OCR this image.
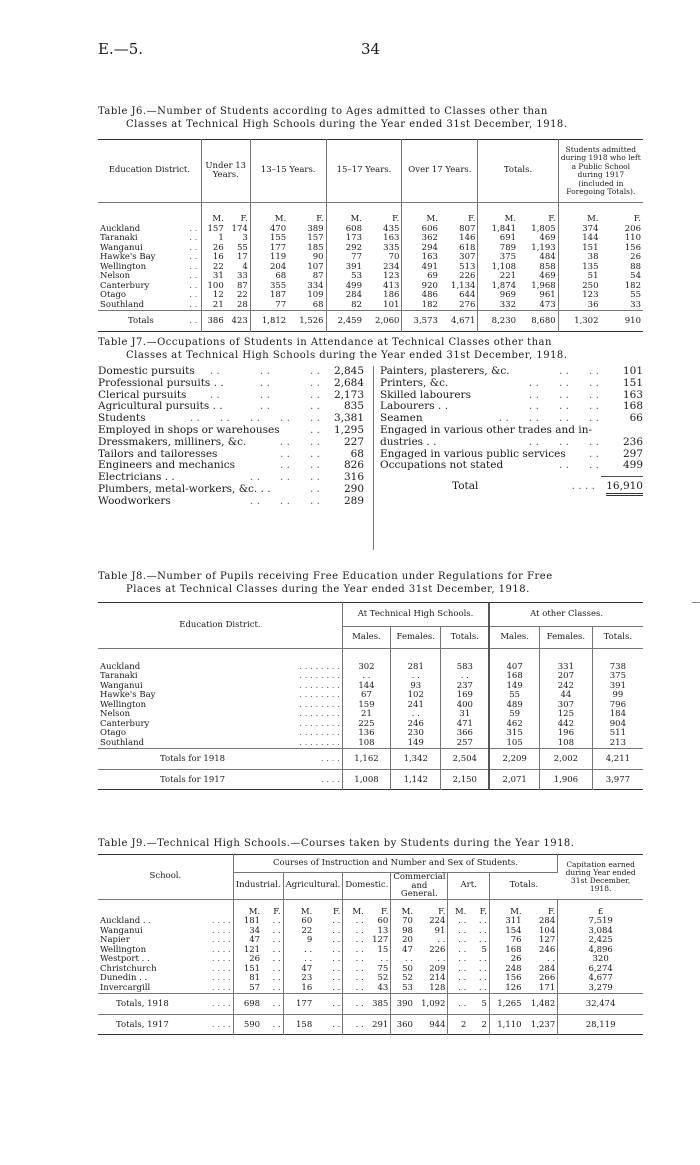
E.—5.	34
Table J6.—Number of Students according to Ages admitted to Classes other than
Classes at Technical High Schools during the Year ended 31st December, 1918.
Education District.		Under 13 Years.		13–15 Years.		15–17 Years.		Over 17 Years.		Totals.		Students admitted during 1918 who left a Public School during 1917 (included in Foregoing Totals).	
		M.	F.	M.	F.	M.	F.	M.	F.	M.	F.	M.	F.
Auckland	. .	157	174	470	389	608	435	606	807	1,841	1,805	374	206
Taranaki	. .	1	3	155	157	173	163	362	146	691	469	144	110
Wanganui	. .	26	55	177	185	292	335	294	618	789	1,193	151	156
Hawke's Bay	. .	16	17	119	90	77	70	163	307	375	484	38	26
Wellington	. .	22	4	204	107	391	234	491	513	1,108	858	135	88
Nelson	. .	31	33	68	87	53	123	69	226	221	469	51	54
Canterbury	. .	100	87	355	334	499	413	920	1,134	1,874	1,968	250	182
Otago	. .	12	22	187	109	284	186	486	644	969	961	123	55
Southland	. .	21	28	77	68	82	101	182	276	332	473	36	33
Totals	. .	386	423	1,812	1,526	2,459	2,060	3,573	4,671	8,230	8,680	1,302	910
Table J7.—Occupations of Students in Attendance at Technical Classes other than
Classes at Technical High Schools during the Year ended 31st December, 1918.
Domestic pursuits	2,845
. .            . .            . .
Professional pursuits . .	2,684
. .            . .
Clerical pursuits	2,173
. .            . .            . .
Agricultural pursuits . .	835
. .            . .
Students	3,381
. .      . .      . .      . .      . .
Employed in shops or warehouses	1,295
. .
Dressmakers, milliners, &c.	227
. .      . .
Tailors and tailoresses	68
. .      . .
Engineers and mechanics	826
. .      . .
Electricians . .	316
. .      . .      . .
Plumbers, metal-workers, &c. . .	290
. .
Woodworkers	289
. .      . .      . .
Painters, plasterers, &c.	101
. .      . .
Printers, &c.	151
. .      . .      . .
Skilled labourers	163
. .      . .      . .
Labourers . .	168
. .      . .      . .
Seamen	66
. .      . .      . .      . .
Engaged in various other trades and in-
dustries . .	236
. .      . .      . .
Engaged in various public services	297
. .
Occupations not stated	499
. .      . .
Total	. . . . 16,910
Table J8.—Number of Pupils receiving Free Education under Regulations for Free
Places at Technical Classes during the Year ended 31st December, 1918.
Education District.		At Technical High Schools.			At other Classes.		
		Males.	Females.	Totals.	Males.	Females.	Totals.

Auckland	. . . . . . . .	302	281	583	407	331	738
Taranaki	. . . . . . . .	. .	. .	. .	168	207	375
Wanganui	. . . . . . . .	144	93	237	149	242	391
Hawke's Bay	. . . . . . . .	67	102	169	55	44	99
Wellington	. . . . . . . .	159	241	400	489	307	796
Nelson	. . . . . . . .	21	. .	31	59	125	184
Canterbury	. . . . . . . .	225	246	471	462	442	904
Otago	. . . . . . . .	136	230	366	315	196	511
Southland	. . . . . . . .	108	149	257	105	108	213
Totals for 1918	. . . .	1,162	1,342	2,504	2,209	2,002	4,211
Totals for 1917	. . . .	1,008	1,142	2,150	2,071	1,906	3,977
Table J9.—Technical High Schools.—Courses taken by Students during the Year 1918.
School.		Courses of Instruction and Number and Sex of Students.												Capitation earned during Year ended 31st December, 1918.
		Industrial.		Agricultural.		Domestic.		Commercial and General.		Art.		Totals.		
		M.	F.	M.	F.	M.	F.	M.	F.	M.	F.	M.	F.	£
Auckland . .	. . . .	181	. .	60	. .	. .	60	70	224	. .	. .	311	284	7,519
Wanganui	. . . .	34	. .	22	. .	. .	13	98	91	. .	. .	154	104	3,084
Napier	. . . .	47	. .	9	. .	. .	127	20	. .	. .	. .	76	127	2,425
Wellington	. . . .	121	. .	. .	. .	. .	15	47	226	. .	5	168	246	4,896
Westport . .	. . . .	26	. .	. .	. .	. .	. .	. .	. .	. .	. .	26	. .	320
Christchurch	. . . .	151	. .	47	. .	. .	75	50	209	. .	. .	248	284	6,274
Dunedin . .	. . . .	81	. .	23	. .	. .	52	52	214	. .	. .	156	266	4,677
Invercargill	. . . .	57	. .	16	. .	. .	43	53	128	. .	. .	126	171	3,279
Totals, 1918	. . . .	698	. .	177	. .	. .	385	390	1,092	. .	5	1,265	1,482	32,474
Totals, 1917	. . . .	590	. .	158	. .	. .	291	360	944	2	2	1,110	1,237	28,119
